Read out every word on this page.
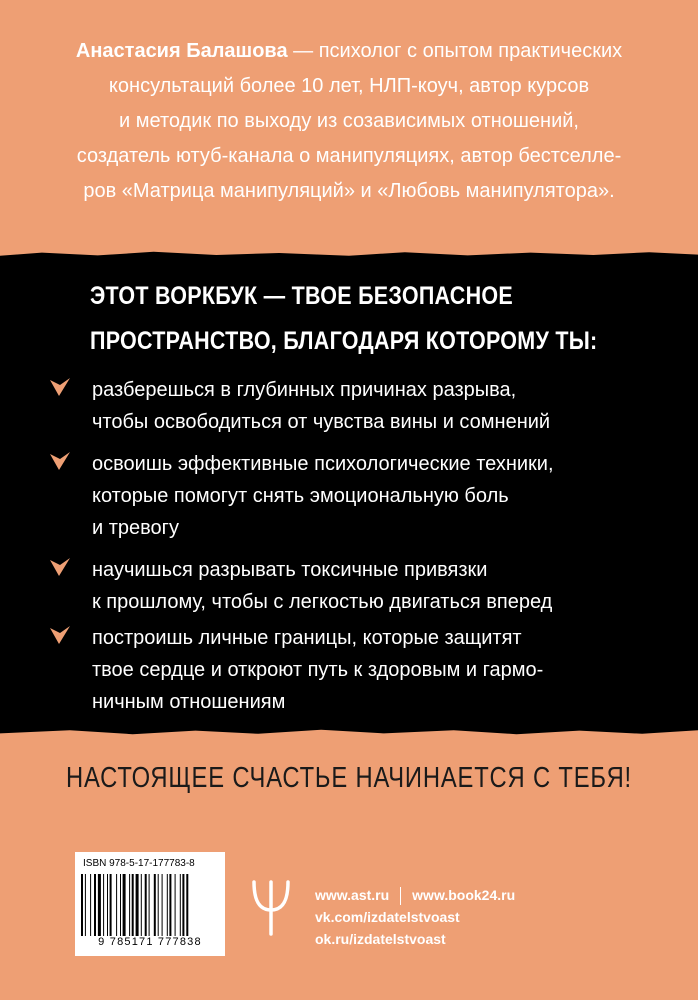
Анастасия Балашова — психолог с опытом практических
консультаций более 10 лет, НЛП-коуч, автор курсов
и методик по выходу из созависимых отношений,
создатель ютуб-канала о манипуляциях, автор бестселле-
ров «Матрица манипуляций» и «Любовь манипулятора».
ЭТОТ ВОРКБУК — ТВОЕ БЕЗОПАСНОЕ
ПРОСТРАНСТВО, БЛАГОДАРЯ КОТОРОМУ ТЫ:
разберешься в глубинных причинах разрыва,
чтобы освободиться от чувства вины и сомнений
освоишь эффективные психологические техники,
которые помогут снять эмоциональную боль
и тревогу
научишься разрывать токсичные привязки
к прошлому, чтобы с легкостью двигаться вперед
построишь личные границы, которые защитят
твое сердце и откроют путь к здоровым и гармо-
ничным отношениям
НАСТОЯЩЕЕ СЧАСТЬЕ НАЧИНАЕТСЯ С ТЕБЯ!
ISBN 978-5-17-177783-8
9 785171 777838
www.ast.ru www.book24.ru
vk.com/izdatelstvoast
ok.ru/izdatelstvoast
